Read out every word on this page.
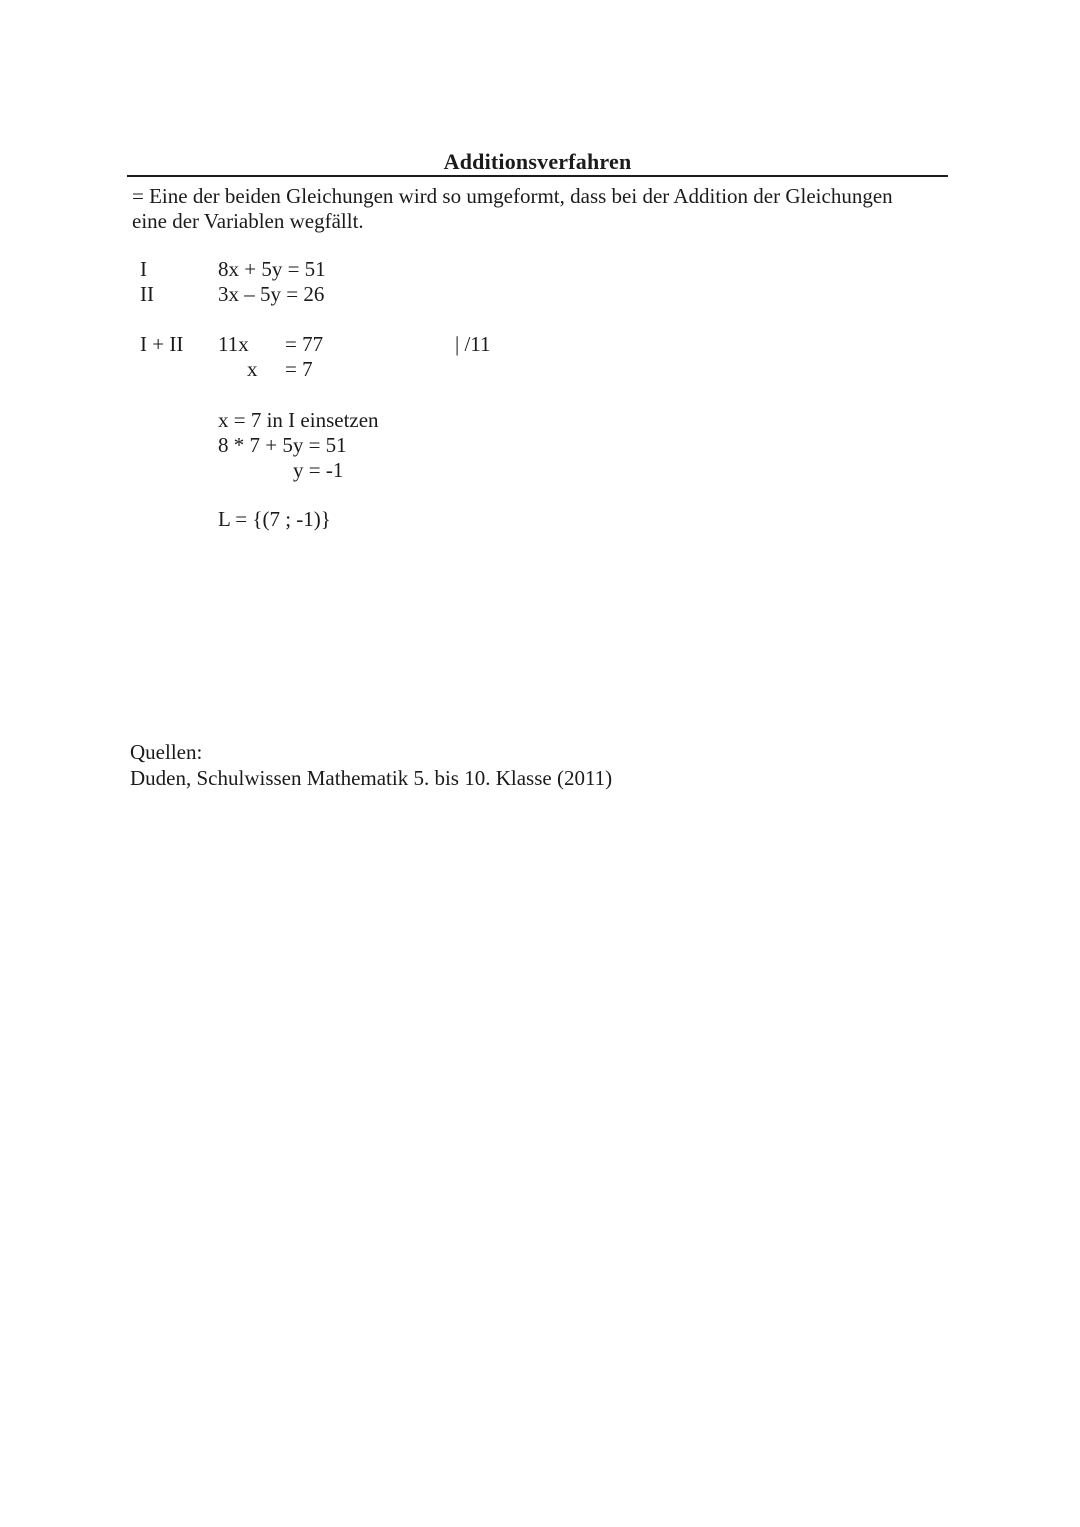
Additionsverfahren

= Eine der beiden Gleichungen wird so umgeformt, dass bei der Addition der Gleichungen
eine der Variablen wegfällt.

I	8x + 5y = 51
II	3x – 5y = 26
I + II	11x	= 77	| /11
x	= 7
x = 7 in I einsetzen
8 * 7 + 5y = 51
y = -1
L = {(7 ; -1)}
Quellen:
Duden, Schulwissen Mathematik 5. bis 10. Klasse (2011)
